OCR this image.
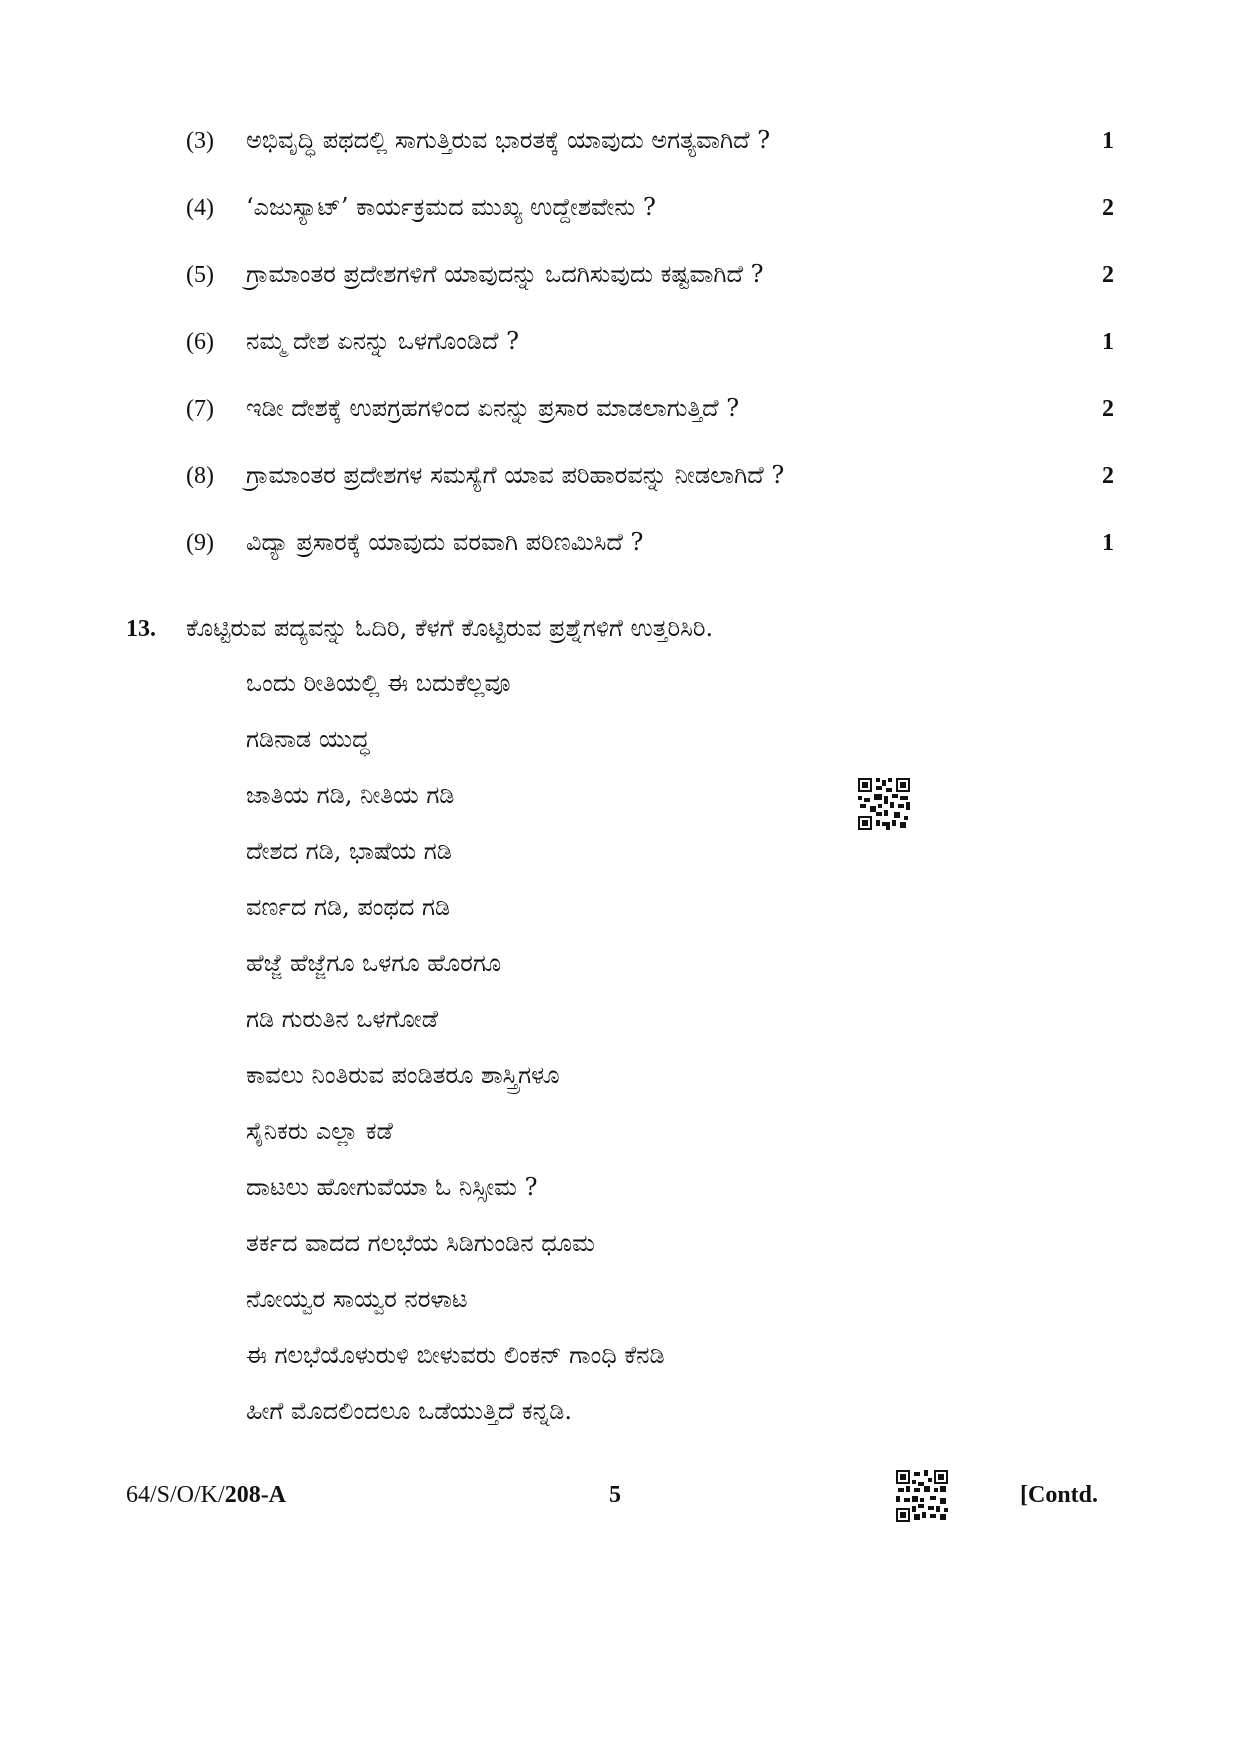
(3) ಅಭಿವೃದ್ಧಿ ಪಥದಲ್ಲಿ ಸಾಗುತ್ತಿರುವ ಭಾರತಕ್ಕೆ ಯಾವುದು ಅಗತ್ಯವಾಗಿದೆ ?	1
(4) ‘ಎಜುಸ್ಯಾಟ್’ ಕಾರ್ಯಕ್ರಮದ ಮುಖ್ಯ ಉದ್ದೇಶವೇನು ?	2
(5) ಗ್ರಾಮಾಂತರ ಪ್ರದೇಶಗಳಿಗೆ ಯಾವುದನ್ನು ಒದಗಿಸುವುದು ಕಷ್ಟವಾಗಿದೆ ?	2
(6) ನಮ್ಮ ದೇಶ ಏನನ್ನು ಒಳಗೊಂಡಿದೆ ?	1
(7) ಇಡೀ ದೇಶಕ್ಕೆ ಉಪಗ್ರಹಗಳಿಂದ ಏನನ್ನು ಪ್ರಸಾರ ಮಾಡಲಾಗುತ್ತಿದೆ ?	2
(8) ಗ್ರಾಮಾಂತರ ಪ್ರದೇಶಗಳ ಸಮಸ್ಯೆಗೆ ಯಾವ ಪರಿಹಾರವನ್ನು ನೀಡಲಾಗಿದೆ ?	2
(9) ವಿದ್ಯಾ ಪ್ರಸಾರಕ್ಕೆ ಯಾವುದು ವರವಾಗಿ ಪರಿಣಮಿಸಿದೆ ?	1
13. ಕೊಟ್ಟಿರುವ ಪದ್ಯವನ್ನು ಓದಿರಿ, ಕೆಳಗೆ ಕೊಟ್ಟಿರುವ ಪ್ರಶ್ನೆಗಳಿಗೆ ಉತ್ತರಿಸಿರಿ.
ಒಂದು ರೀತಿಯಲ್ಲಿ ಈ ಬದುಕೆಲ್ಲವೂ
ಗಡಿನಾಡ ಯುದ್ಧ
ಜಾತಿಯ ಗಡಿ, ನೀತಿಯ ಗಡಿ
ದೇಶದ ಗಡಿ, ಭಾಷೆಯ ಗಡಿ
ವರ್ಣದ ಗಡಿ, ಪಂಥದ ಗಡಿ
ಹೆಜ್ಜೆ ಹೆಜ್ಜೆಗೂ ಒಳಗೂ ಹೊರಗೂ
ಗಡಿ ಗುರುತಿನ ಒಳಗೋಡೆ
ಕಾವಲು ನಿಂತಿರುವ ಪಂಡಿತರೂ ಶಾಸ್ತ್ರಿಗಳೂ
ಸೈನಿಕರು ಎಲ್ಲಾ ಕಡೆ
ದಾಟಲು ಹೋಗುವೆಯಾ ಓ ನಿಸ್ಸೀಮ ?
ತರ್ಕದ ವಾದದ ಗಲಭೆಯ ಸಿಡಿಗುಂಡಿನ ಧೂಮ
ನೋಯ್ವರ ಸಾಯ್ವರ ನರಳಾಟ
ಈ ಗಲಭೆಯೊಳುರುಳಿ ಬೀಳುವರು ಲಿಂಕನ್ ಗಾಂಧಿ ಕೆನಡಿ
ಹೀಗೆ ಮೊದಲಿಂದಲೂ ಒಡೆಯುತ್ತಿದೆ ಕನ್ನಡಿ.
64/S/O/K/208-A	5	[Contd.
